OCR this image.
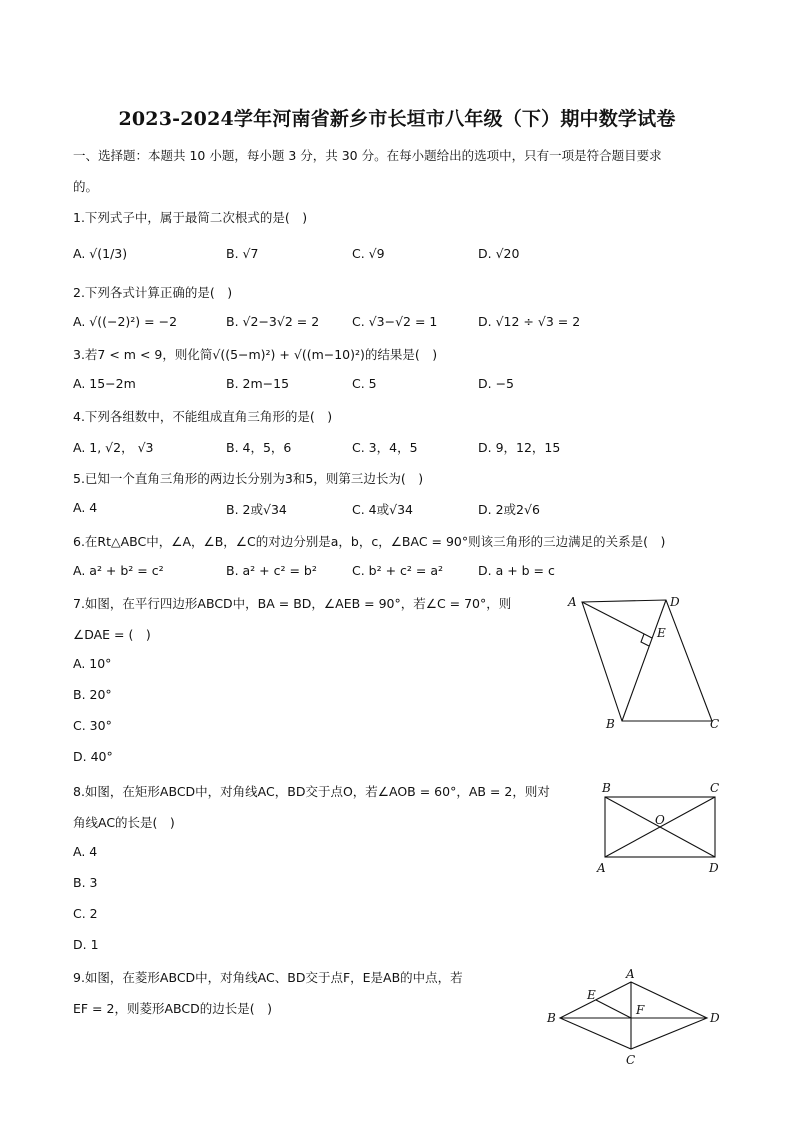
2023-2024学年河南省新乡市长垣市八年级（下）期中数学试卷
一、选择题：本题共 10 小题，每小题 3 分，共 30 分。在每小题给出的选项中，只有一项是符合题目要求
的。
1.下列式子中，属于最简二次根式的是(　)
A. √(1/3)	B. √7	C. √9	D. √20
2.下列各式计算正确的是(　)
A. √((−2)²) = −2	B. √2−3√2 = 2	C. √3−√2 = 1	D. √12 ÷ √3 = 2
3.若7 < m < 9，则化简√((5−m)²) + √((m−10)²)的结果是(　)
A. 15−2m	B. 2m−15	C. 5	D. −5
4.下列各组数中，不能组成直角三角形的是(　)
A. 1, √2， √3	B. 4，5，6	C. 3，4，5	D. 9，12，15
5.已知一个直角三角形的两边长分别为3和5，则第三边长为(　)
A. 4	B. 2或√34	C. 4或√34	D. 2或2√6
6.在Rt△ABC中，∠A，∠B，∠C的对边分别是a，b，c，∠BAC = 90°则该三角形的三边满足的关系是(　)
A. a² + b² = c²	B. a² + c² = b²	C. b² + c² = a²	D. a + b = c
7.如图，在平行四边形ABCD中，BA = BD，∠AEB = 90°，若∠C = 70°，则
∠DAE = (　)
A. 10°
B. 20°
C. 30°
D. 40°
A	D
E
B	C
8.如图，在矩形ABCD中，对角线AC，BD交于点O，若∠AOB = 60°，AB = 2，则对
角线AC的长是(　)
A. 4
B. 3
C. 2
D. 1
B	C
O
A	D
9.如图，在菱形ABCD中，对角线AC、BD交于点F，E是AB的中点，若
EF = 2，则菱形ABCD的边长是(　)
A
E
F
B	D
C
